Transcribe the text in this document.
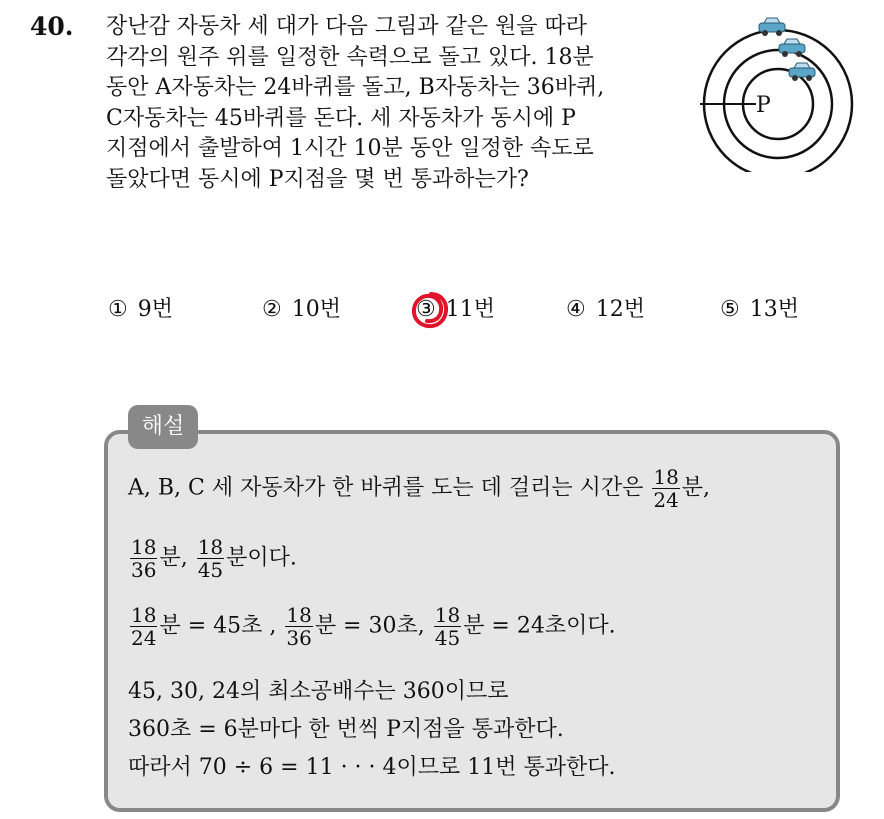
40. 장난감 자동차 세 대가 다음 그림과 같은 원을 따라
각각의 원주 위를 일정한 속력으로 돌고 있다. 18분
동안 A자동차는 24바퀴를 돌고, B자동차는 36바퀴,
C자동차는 45바퀴를 돈다. 세 자동차가 동시에 P
지점에서 출발하여 1시간 10분 동안 일정한 속도로
돌았다면 동시에 P지점을 몇 번 통과하는가?
P
① 9번	② 10번	③ 11번	④ 12번	⑤ 13번
해설
A, B, C 세 자동차가 한 바퀴를 도는 데 걸리는 시간은 $\frac{18}{24}$ 분,
$\frac{18}{36}$ 분, $\frac{18}{45}$ 분이다.
$\frac{18}{24}$ 분 = 45초 , $\frac{18}{36}$ 분 = 30초, $\frac{18}{45}$ 분 = 24초이다.
45, 30, 24의 최소공배수는 360이므로
360초 = 6분마다 한 번씩 P지점을 통과한다.
따라서 70 ÷ 6 = 11 · · · 4이므로 11번 통과한다.
